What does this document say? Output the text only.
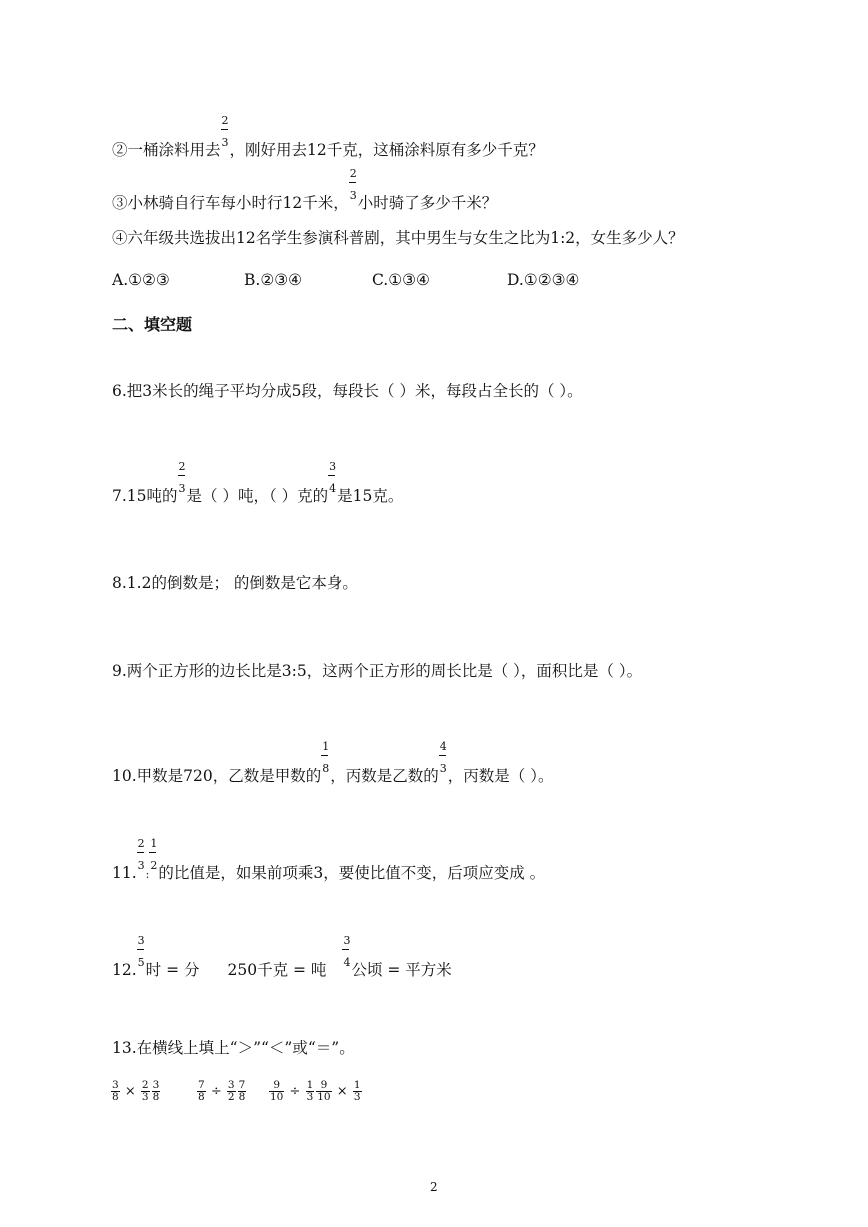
②一桶涂料用去 $\frac{2}{3}$ ，刚好用去12千克，这桶涂料原有多少千克？
③小林骑自行车每小时行12千米， $\frac{2}{3}$ 小时骑了多少千米？
④六年级共选拔出12名学生参演科普剧，其中男生与女生之比为1:2，女生多少人？
A.①②③	B.②③④	C.①③④	D.①②③④
二、填空题
6.把3米长的绳子平均分成5段，每段长（ ）米，每段占全长的（ ）。
7.15吨的 $\frac{2}{3}$ 是（ ）吨，（ ）克的 $\frac{3}{4}$ 是15克。
8.1.2的倒数是； 的倒数是它本身。
9.两个正方形的边长比是3:5，这两个正方形的周长比是（ ），面积比是（ ）。
10.甲数是720，乙数是甲数的 $\frac{1}{8}$ ，丙数是乙数的 $\frac{4}{3}$ ，丙数是（ ）。
11. $\frac{2}{3}$ : $\frac{1}{2}$ 的比值是，如果前项乘3，要使比值不变，后项应变成 。
12. $\frac{3}{5}$ 时 = 分 250千克 = 吨 $\frac{3}{4}$ 公顷 = 平方米
13.在横线上填上“＞”“＜”或“＝”。
$\frac{3}{8} \times \frac{2}{3} \frac{3}{8}$	$\frac{7}{8} \div \frac{3}{2} \frac{7}{8} \frac{9}{10} \div \frac{1}{3} \frac{9}{10} \times \frac{1}{3}$
2
